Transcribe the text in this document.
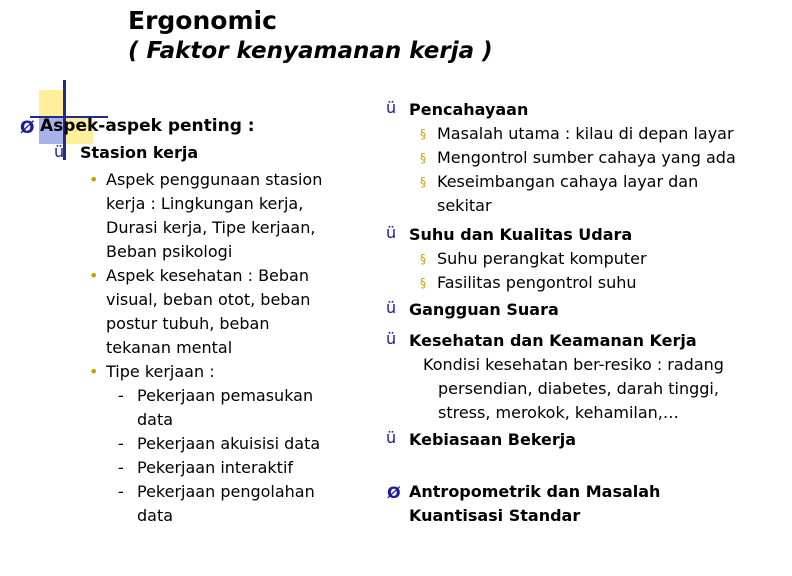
Ergonomic
( Faktor kenyamanan kerja )
Ø Aspek-aspek penting :
ü Stasion kerja
• Aspek penggunaan stasion
kerja : Lingkungan kerja,
Durasi kerja, Tipe kerjaan,
Beban psikologi
• Aspek kesehatan : Beban
visual, beban otot, beban
postur tubuh, beban
tekanan mental
• Tipe kerjaan :
- Pekerjaan pemasukan
data
- Pekerjaan akuisisi data
- Pekerjaan interaktif
- Pekerjaan pengolahan
data
ü Pencahayaan
§ Masalah utama : kilau di depan layar
§ Mengontrol sumber cahaya yang ada
§ Keseimbangan cahaya layar dan
sekitar
ü Suhu dan Kualitas Udara
§ Suhu perangkat komputer
§ Fasilitas pengontrol suhu
ü Gangguan Suara
ü Kesehatan dan Keamanan Kerja
Kondisi kesehatan ber-resiko : radang
persendian, diabetes, darah tinggi,
stress, merokok, kehamilan,…
ü Kebiasaan Bekerja
Ø Antropometrik dan Masalah
Kuantisasi Standar
